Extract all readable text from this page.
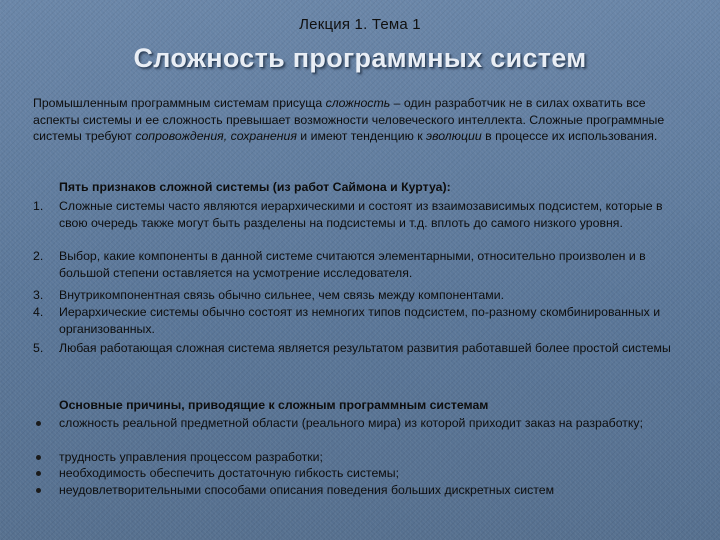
Лекция 1. Тема 1
Сложность программных систем
Промышленным программным системам присуща сложность – один разработчик не в силах охватить все аспекты системы и ее сложность превышает возможности человеческого интеллекта. Сложные программные системы требуют сопровождения, сохранения и имеют тенденцию к эволюции в процессе их использования.
Пять признаков сложной системы (из работ Саймона и Куртуа):
1.	Сложные системы часто являются иерархическими и состоят из взаимозависимых подсистем, которые в свою очередь также могут быть разделены на подсистемы и т.д. вплоть до самого низкого уровня.
2.	Выбор, какие компоненты в данной системе считаются элементарными, относительно произволен и в большой степени оставляется на усмотрение исследователя.
3.	Внутрикомпонентная связь обычно сильнее, чем связь между компонентами.
4.	Иерархические системы обычно состоят из немногих типов подсистем, по-разному скомбинированных и организованных.
5.	Любая работающая сложная система является результатом развития работавшей более простой системы
Основные причины, приводящие к сложным программным системам
сложность реальной предметной области (реального мира) из которой приходит заказ на разработку;
трудность управления процессом разработки;
необходимость обеспечить достаточную гибкость системы;
неудовлетворительными способами описания поведения больших дискретных систем
